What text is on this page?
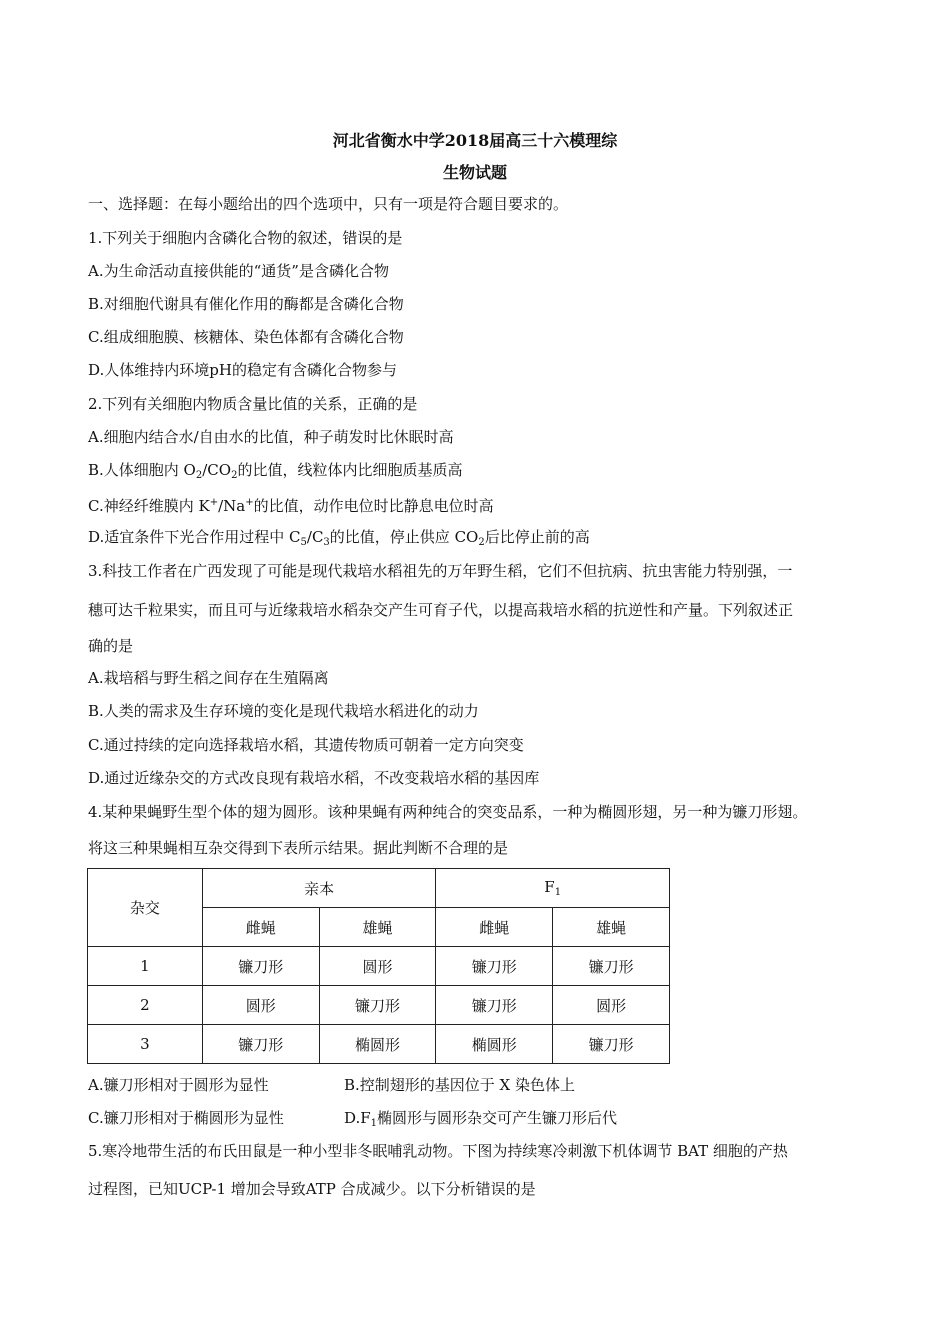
河北省衡水中学2018届高三十六模理综
生物试题
一、选择题：在每小题给出的四个选项中，只有一项是符合题目要求的。
1.下列关于细胞内含磷化合物的叙述，错误的是
A.为生命活动直接供能的“通货”是含磷化合物
B.对细胞代谢具有催化作用的酶都是含磷化合物
C.组成细胞膜、核糖体、染色体都有含磷化合物
D.人体维持内环境pH的稳定有含磷化合物参与
2.下列有关细胞内物质含量比值的关系，正确的是
A.细胞内结合水/自由水的比值，种子萌发时比休眠时高
B.人体细胞内 $O_2/CO_2$的比值，线粒体内比细胞质基质高
C.神经纤维膜内 K+/Na+的比值，动作电位时比静息电位时高
D.适宜条件下光合作用过程中 $C_5/C_3$的比值，停止供应 $CO_2$后比停止前的高
3.科技工作者在广西发现了可能是现代栽培水稻祖先的万年野生稻，它们不但抗病、抗虫害能力特别强，一
穗可达千粒果实，而且可与近缘栽培水稻杂交产生可育子代，以提高栽培水稻的抗逆性和产量。下列叙述正
确的是
A.栽培稻与野生稻之间存在生殖隔离
B.人类的需求及生存环境的变化是现代栽培水稻进化的动力
C.通过持续的定向选择栽培水稻，其遗传物质可朝着一定方向突变
D.通过近缘杂交的方式改良现有栽培水稻，不改变栽培水稻的基因库
4.某种果蝇野生型个体的翅为圆形。该种果蝇有两种纯合的突变品系，一种为椭圆形翅，另一种为镰刀形翅。
将这三种果蝇相互杂交得到下表所示结果。据此判断不合理的是
杂交	亲本		$F_1$
	雌蝇	雄蝇	雌蝇	雄蝇
1	镰刀形	圆形	镰刀形	镰刀形
2	圆形	镰刀形	镰刀形	圆形
3	镰刀形	椭圆形	椭圆形	镰刀形
A.镰刀形相对于圆形为显性	B.控制翅形的基因位于 X 染色体上
C.镰刀形相对于椭圆形为显性	$D.F_1$椭圆形与圆形杂交可产生镰刀形后代
5.寒冷地带生活的布氏田鼠是一种小型非冬眠哺乳动物。下图为持续寒冷刺激下机体调节 BAT 细胞的产热
过程图，已知UCP-1 增加会导致ATP 合成减少。以下分析错误的是
